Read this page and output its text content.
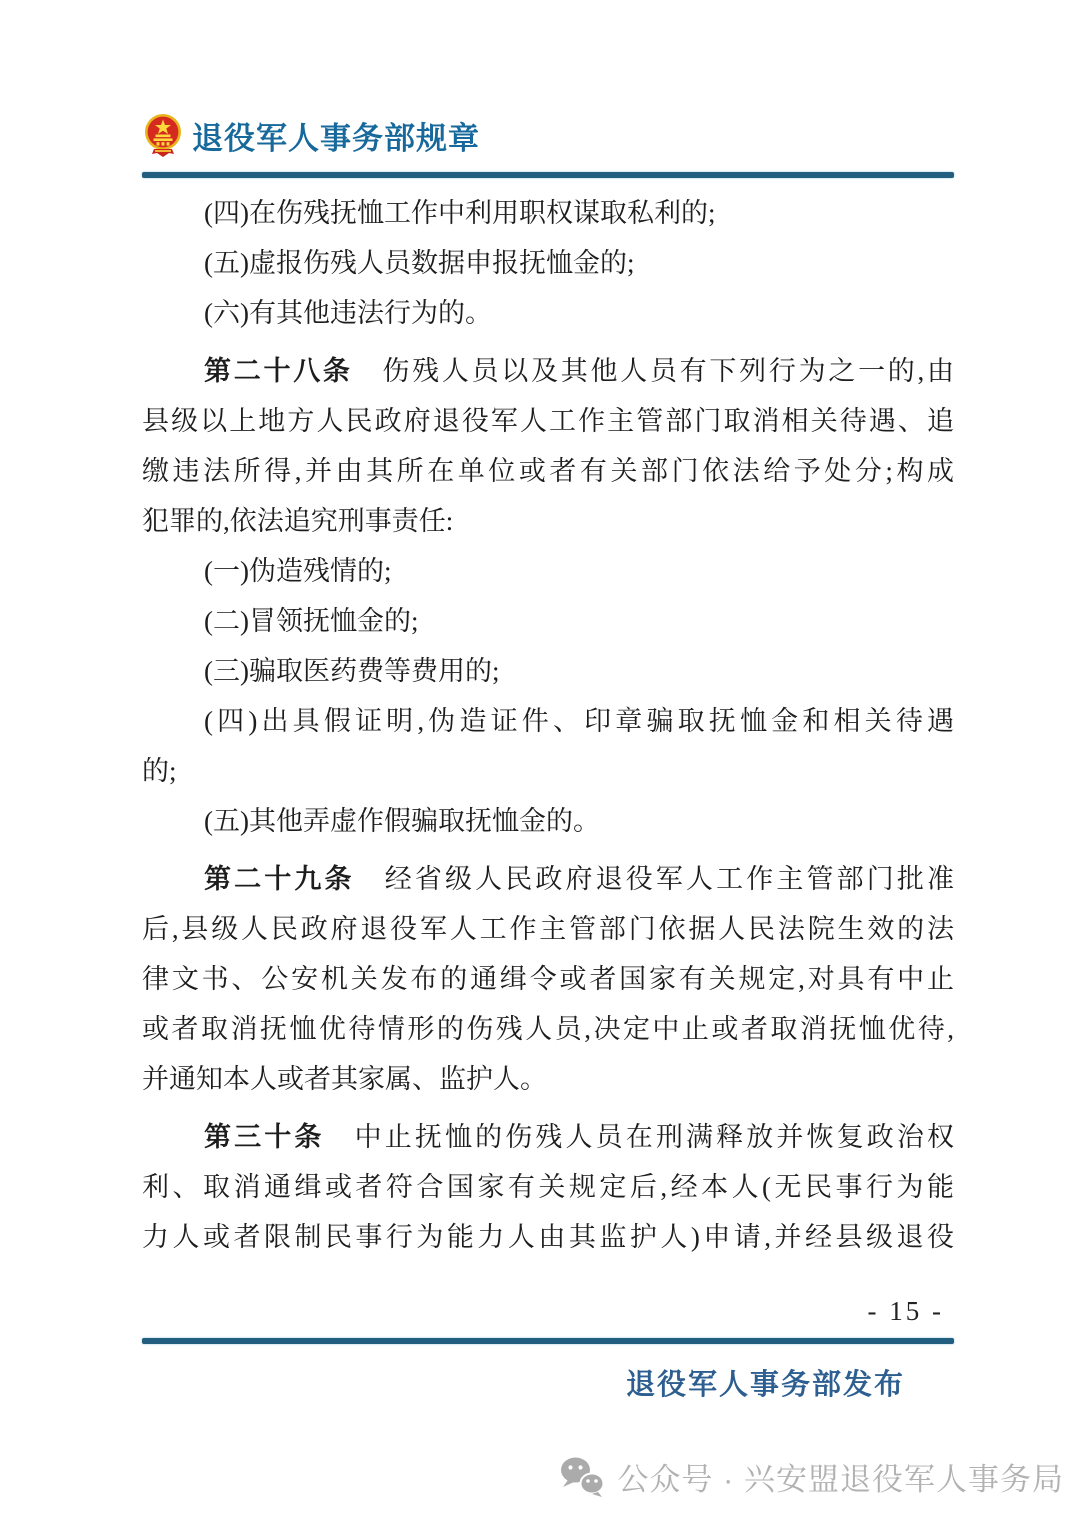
退役军人事务部规章
(四)在伤残抚恤工作中利用职权谋取私利的;
(五)虚报伤残人员数据申报抚恤金的;
(六)有其他违法行为的。
第二十八条　伤残人员以及其他人员有下列行为之一的,由
县级以上地方人民政府退役军人工作主管部门取消相关待遇、追
缴违法所得,并由其所在单位或者有关部门依法给予处分;构成
犯罪的,依法追究刑事责任:
(一)伪造残情的;
(二)冒领抚恤金的;
(三)骗取医药费等费用的;
(四)出具假证明,伪造证件、印章骗取抚恤金和相关待遇
的;
(五)其他弄虚作假骗取抚恤金的。
第二十九条　经省级人民政府退役军人工作主管部门批准
后,县级人民政府退役军人工作主管部门依据人民法院生效的法
律文书、公安机关发布的通缉令或者国家有关规定,对具有中止
或者取消抚恤优待情形的伤残人员,决定中止或者取消抚恤优待,
并通知本人或者其家属、监护人。
第三十条　中止抚恤的伤残人员在刑满释放并恢复政治权
利、取消通缉或者符合国家有关规定后,经本人(无民事行为能
力人或者限制民事行为能力人由其监护人)申请,并经县级退役
- 15 -
退役军人事务部发布
公众号 · 兴安盟退役军人事务局
